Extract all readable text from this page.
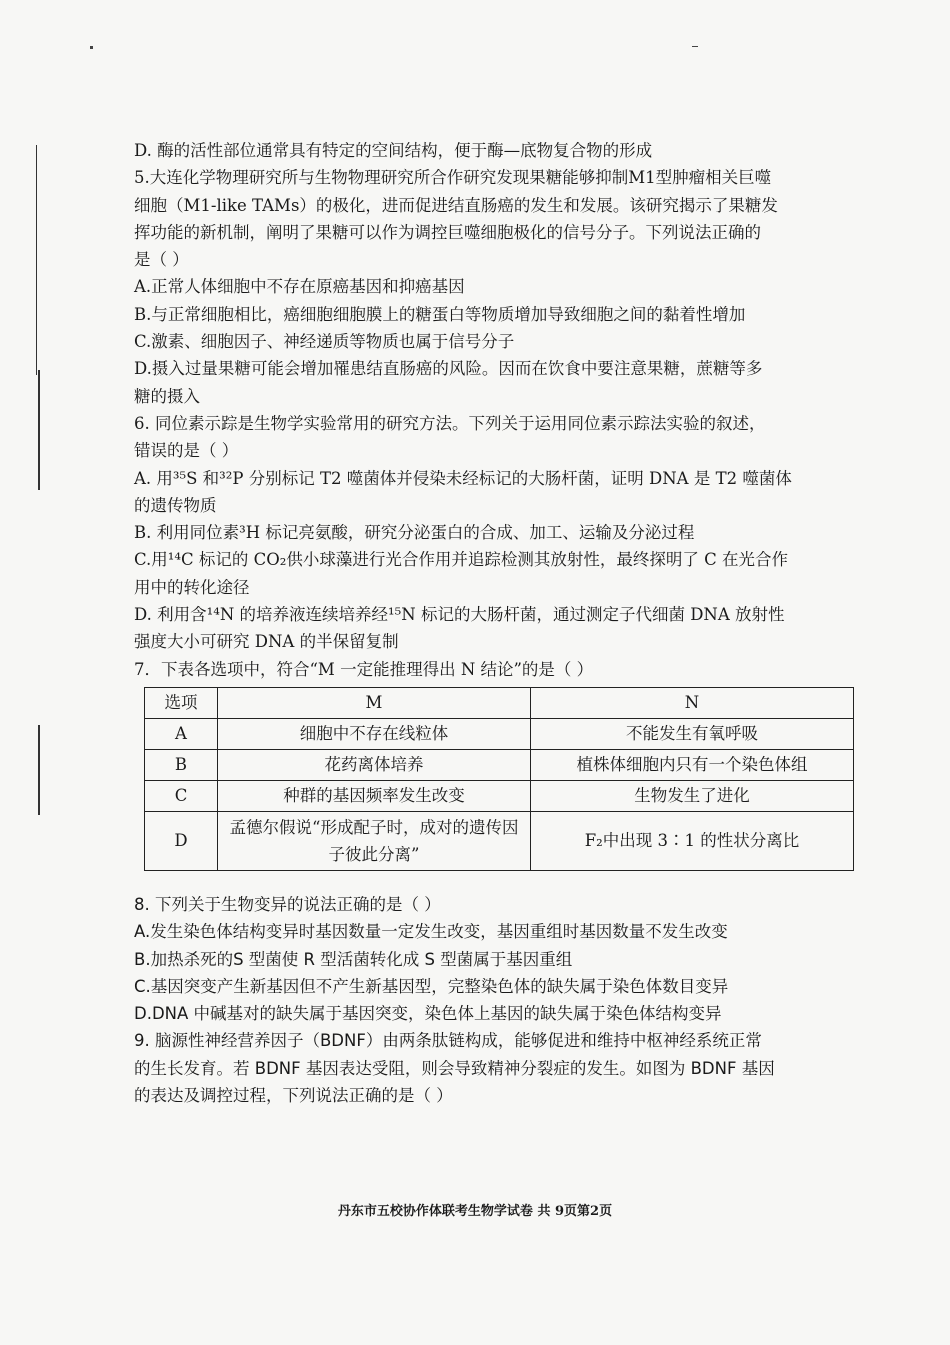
D. 酶的活性部位通常具有特定的空间结构，便于酶—底物复合物的形成
5.大连化学物理研究所与生物物理研究所合作研究发现果糖能够抑制M1型肿瘤相关巨噬
细胞（M1-like TAMs）的极化，进而促进结直肠癌的发生和发展。该研究揭示了果糖发
挥功能的新机制，阐明了果糖可以作为调控巨噬细胞极化的信号分子。下列说法正确的
是（ ）
A.正常人体细胞中不存在原癌基因和抑癌基因
B.与正常细胞相比，癌细胞细胞膜上的糖蛋白等物质增加导致细胞之间的黏着性增加
C.激素、细胞因子、神经递质等物质也属于信号分子
D.摄入过量果糖可能会增加罹患结直肠癌的风险。因而在饮食中要注意果糖，蔗糖等多
糖的摄入
6. 同位素示踪是生物学实验常用的研究方法。下列关于运用同位素示踪法实验的叙述，
错误的是（ ）
A. 用³⁵S 和³²P 分别标记 T2 噬菌体并侵染未经标记的大肠杆菌，证明 DNA 是 T2 噬菌体
的遗传物质
B. 利用同位素³H 标记亮氨酸，研究分泌蛋白的合成、加工、运输及分泌过程
C.用¹⁴C 标记的 CO₂供小球藻进行光合作用并追踪检测其放射性，最终探明了 C 在光合作
用中的转化途径
D. 利用含¹⁴N 的培养液连续培养经¹⁵N 标记的大肠杆菌，通过测定子代细菌 DNA 放射性
强度大小可研究 DNA 的半保留复制
7．下表各选项中，符合“M 一定能推理得出 N 结论”的是（ ）
选项	M	N
A	细胞中不存在线粒体	不能发生有氧呼吸
B	花药离体培养	植株体细胞内只有一个染色体组
C	种群的基因频率发生改变	生物发生了进化
D	孟德尔假说“形成配子时，成对的遗传因子彼此分离”	F₂中出现 3∶1 的性状分离比
8. 下列关于生物变异的说法正确的是（ ）
A.发生染色体结构变异时基因数量一定发生改变，基因重组时基因数量不发生改变
B.加热杀死的S 型菌使 R 型活菌转化成 S 型菌属于基因重组
C.基因突变产生新基因但不产生新基因型，完整染色体的缺失属于染色体数目变异
D.DNA 中碱基对的缺失属于基因突变，染色体上基因的缺失属于染色体结构变异
9. 脑源性神经营养因子（BDNF）由两条肽链构成，能够促进和维持中枢神经系统正常
的生长发育。若 BDNF 基因表达受阻，则会导致精神分裂症的发生。如图为 BDNF 基因
的表达及调控过程，下列说法正确的是（ ）
丹东市五校协作体联考生物学试卷 共 9页第2页
